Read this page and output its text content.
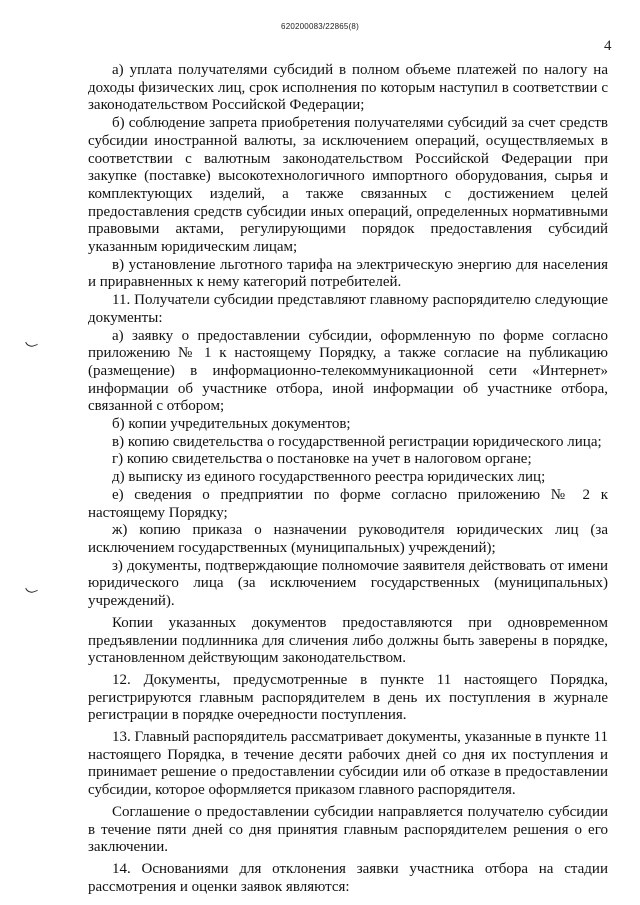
620200083/22865(8)
4

а) уплата получателями субсидий в полном объеме платежей по налогу на доходы физических лиц, срок исполнения по которым наступил в соответствии с законодательством Российской Федерации;

б) соблюдение запрета приобретения получателями субсидий за счет средств субсидии иностранной валюты, за исключением операций, осуществляемых в соответствии с валютным законодательством Российской Федерации при закупке (поставке) высокотехнологичного импортного оборудования, сырья и комплектующих изделий, а также связанных с достижением целей предоставления средств субсидии иных операций, определенных нормативными правовыми актами, регулирующими порядок предоставления субсидий указанным юридическим лицам;

в) установление льготного тарифа на электрическую энергию для населения и приравненных к нему категорий потребителей.

11. Получатели субсидии представляют главному распорядителю следующие документы:

а) заявку о предоставлении субсидии, оформленную по форме согласно приложению № 1 к настоящему Порядку, а также согласие на публикацию (размещение) в информационно-телекоммуникационной сети «Интернет» информации об участнике отбора, иной информации об участнике отбора, связанной с отбором;

б) копии учредительных документов;

в) копию свидетельства о государственной регистрации юридического лица;

г) копию свидетельства о постановке на учет в налоговом органе;

д) выписку из единого государственного реестра юридических лиц;

е) сведения о предприятии по форме согласно приложению № 2 к настоящему Порядку;

ж) копию приказа о назначении руководителя юридических лиц (за исключением государственных (муниципальных) учреждений);

з) документы, подтверждающие полномочие заявителя действовать от имени юридического лица (за исключением государственных (муниципальных) учреждений).

Копии указанных документов предоставляются при одновременном предъявлении подлинника для сличения либо должны быть заверены в порядке, установленном действующим законодательством.

12. Документы, предусмотренные в пункте 11 настоящего Порядка, регистрируются главным распорядителем в день их поступления в журнале регистрации в порядке очередности поступления.

13. Главный распорядитель рассматривает документы, указанные в пункте 11 настоящего Порядка, в течение десяти рабочих дней со дня их поступления и принимает решение о предоставлении субсидии или об отказе в предоставлении субсидии, которое оформляется приказом главного распорядителя.

Соглашение о предоставлении субсидии направляется получателю субсидии в течение пяти дней со дня принятия главным распорядителем решения о его заключении.

14. Основаниями для отклонения заявки участника отбора на стадии рассмотрения и оценки заявок являются:
